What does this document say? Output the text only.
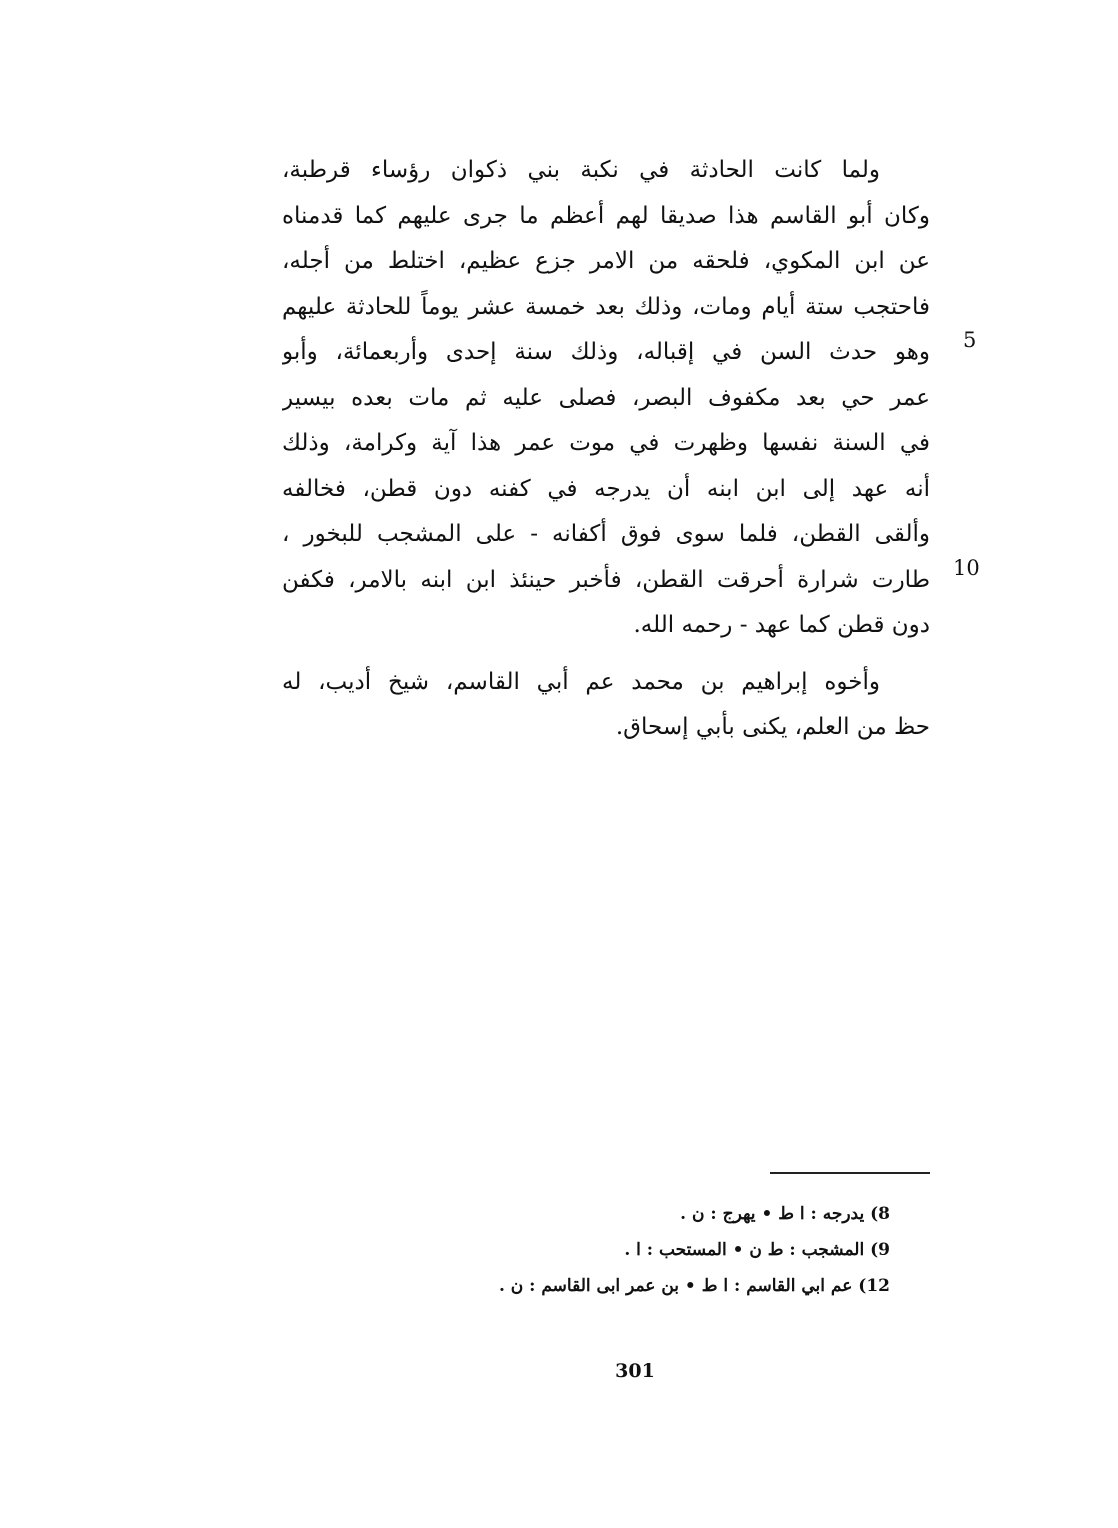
ولما كانت الحادثة في نكبة بني ذكوان رؤساء قرطبة،
وكان أبو القاسم هذا صديقا لهم أعظم ما جرى عليهم كما قدمناه
عن ابن المكوي، فلحقه من الامر جزع عظيم، اختلط من أجله،
فاحتجب ستة أيام ومات، وذلك بعد خمسة عشر يوماً للحادثة عليهم
وهو حدث السن في إقباله، وذلك سنة إحدى وأربعمائة، وأبو
عمر حي بعد مكفوف البصر، فصلى عليه ثم مات بعده بيسير
في السنة نفسها وظهرت في موت عمر هذا آية وكرامة، وذلك
أنه عهد إلى ابن ابنه أن يدرجه في كفنه دون قطن، فخالفه
وألقى القطن، فلما سوى فوق أكفانه - على المشجب للبخور ،
طارت شرارة أحرقت القطن، فأخبر حينئذ ابن ابنه بالامر، فكفن
دون قطن كما عهد - رحمه الله.
وأخوه إبراهيم بن محمد عم أبي القاسم، شيخ أديب، له
حظ من العلم، يكنى بأبي إسحاق.
5
10
8) يدرجه : ا ط • يهرج : ن .
9) المشجب : ط ن • المستحب : ا .
12) عم ابي القاسم : ا ط • بن عمر ابى القاسم : ن .
301
